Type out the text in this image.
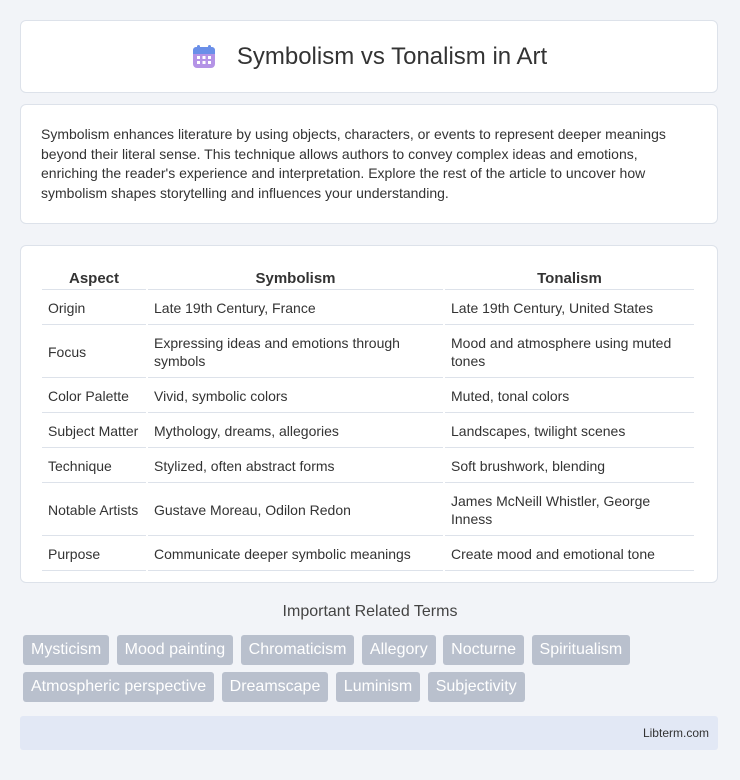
Symbolism vs Tonalism in Art

Symbolism enhances literature by using objects, characters, or events to represent deeper meanings beyond their literal sense. This technique allows authors to convey complex ideas and emotions, enriching the reader's experience and interpretation. Explore the rest of the article to uncover how symbolism shapes storytelling and influences your understanding.

Aspect	Symbolism	Tonalism
Origin	Late 19th Century, France	Late 19th Century, United States
Focus	Expressing ideas and emotions through symbols	Mood and atmosphere using muted tones
Color Palette	Vivid, symbolic colors	Muted, tonal colors
Subject Matter	Mythology, dreams, allegories	Landscapes, twilight scenes
Technique	Stylized, often abstract forms	Soft brushwork, blending
Notable Artists	Gustave Moreau, Odilon Redon	James McNeill Whistler, George Inness
Purpose	Communicate deeper symbolic meanings	Create mood and emotional tone
Important Related Terms
Mysticism Mood painting Chromaticism Allegory Nocturne Spiritualism Atmospheric perspective Dreamscape Luminism Subjectivity
Libterm.com
